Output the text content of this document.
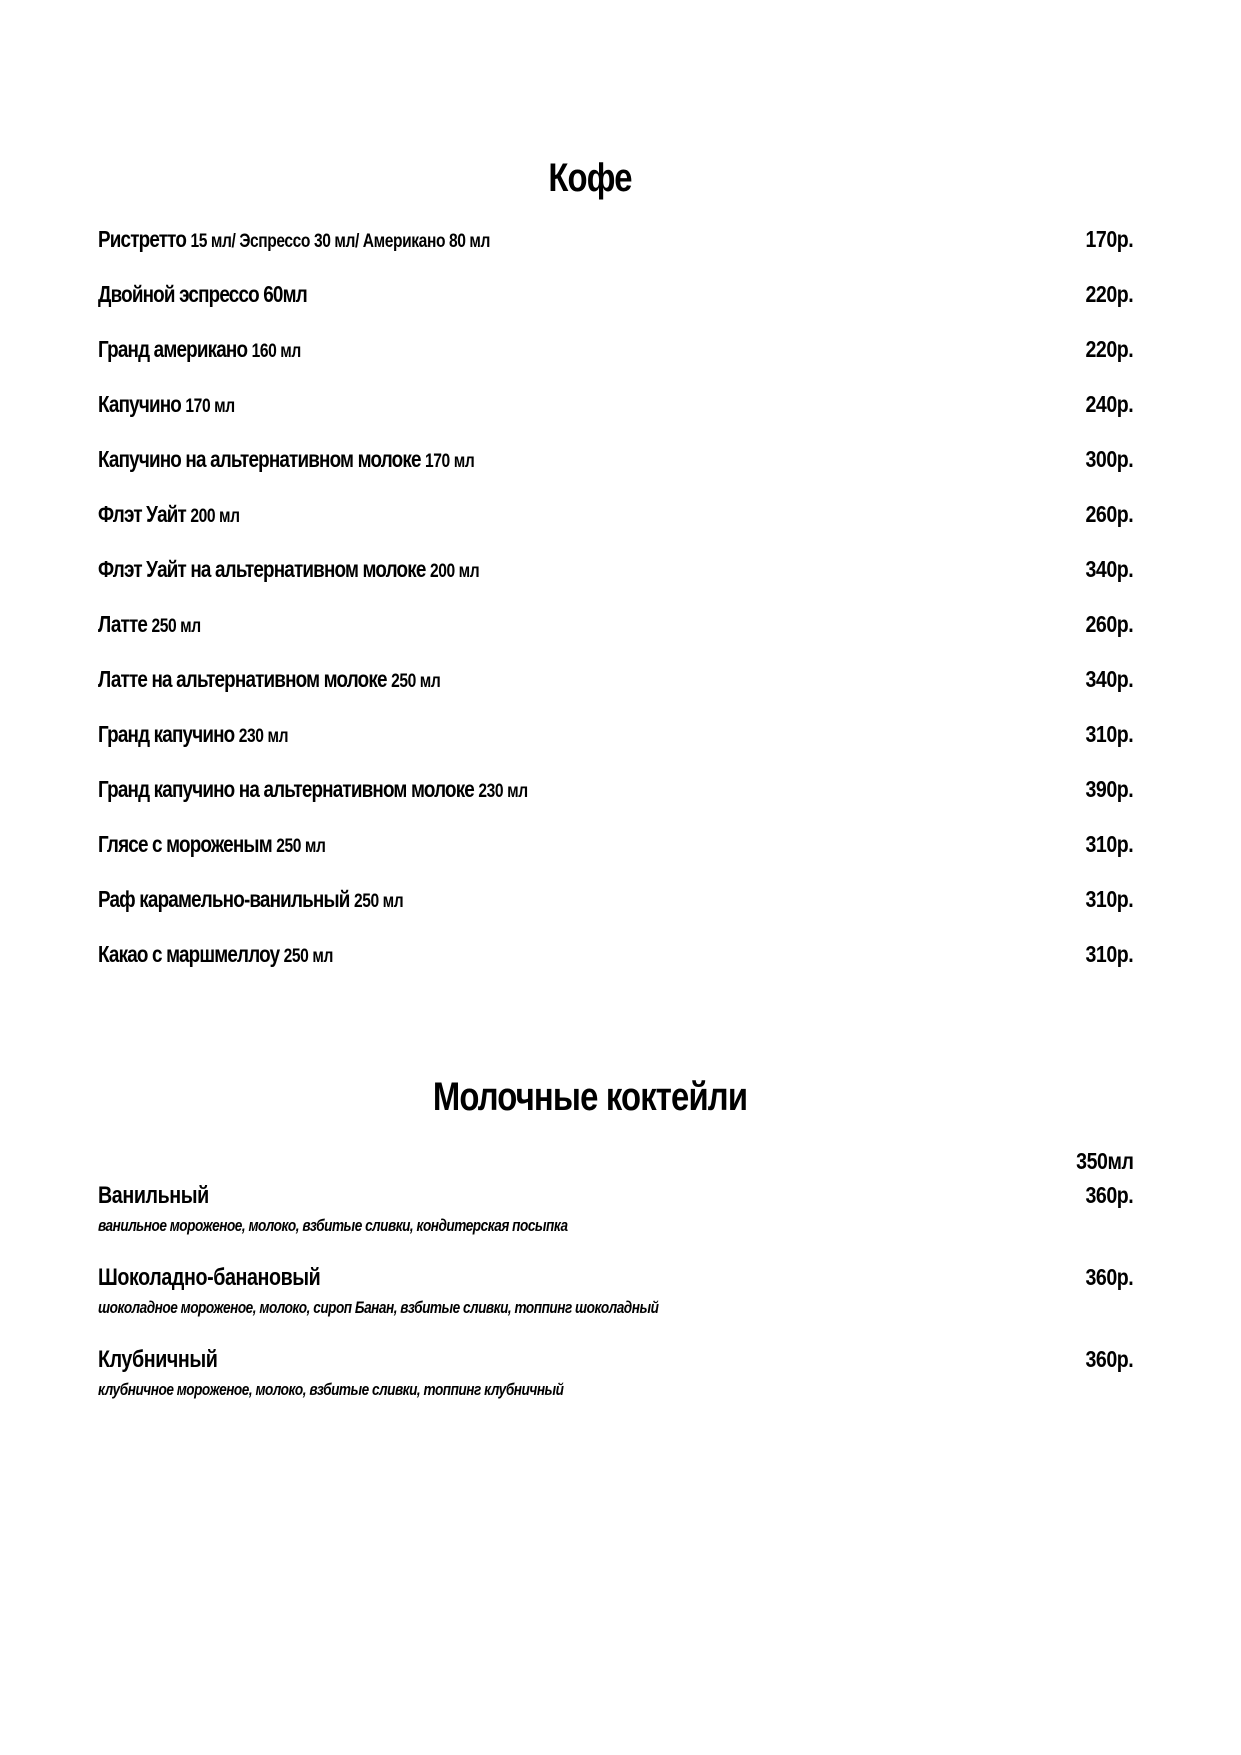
Кофе
Ристретто 15 мл/ Эспрессо 30 мл/ Американо 80 мл	170р.
Двойной эспрессо 60мл	220р.
Гранд американо 160 мл	220р.
Капучино 170 мл	240р.
Капучино на альтернативном молоке 170 мл	300р.
Флэт Уайт 200 мл	260р.
Флэт Уайт на альтернативном молоке 200 мл	340р.
Латте 250 мл	260р.
Латте на альтернативном молоке 250 мл	340р.
Гранд капучино 230 мл	310р.
Гранд капучино на альтернативном молоке 230 мл	390р.
Глясе с мороженым 250 мл	310р.
Раф карамельно-ванильный 250 мл	310р.
Какао с маршмеллоу 250 мл	310р.
Молочные коктейли
350мл
Ванильный	360р.
ванильное мороженое, молоко, взбитые сливки, кондитерская посыпка
Шоколадно-банановый	360р.
шоколадное мороженое, молоко, сироп Банан, взбитые сливки, топпинг шоколадный
Клубничный	360р.
клубничное мороженое, молоко, взбитые сливки, топпинг клубничный
